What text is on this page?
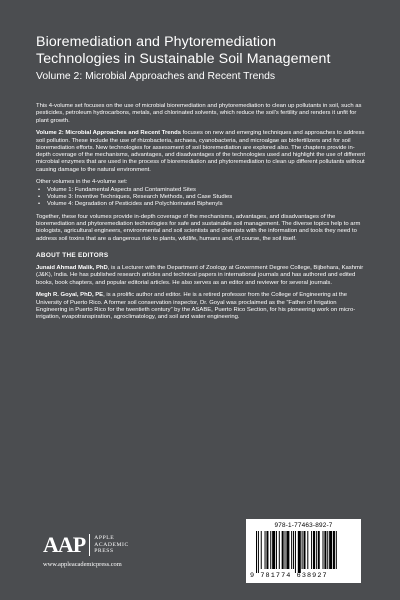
Bioremediation and Phytoremediation
Technologies in Sustainable Soil Management
Volume 2: Microbial Approaches and Recent Trends

This 4-volume set focuses on the use of microbial bioremediation and phytoremediation to clean up pollutants in soil, such as pesticides, petroleum hydrocarbons, metals, and chlorinated solvents, which reduce the soil's fertility and renders it unfit for plant growth.

Volume 2: Microbial Approaches and Recent Trends focuses on new and emerging techniques and approaches to address soil pollution. These include the use of rhizobacteria, archaea, cyanobacteria, and microalgae as biofertilizers and for soil bioremediation efforts. New technologies for assessment of soil bioremediation are explored also. The chapters provide in-depth coverage of the mechanisms, advantages, and disadvantages of the technologies used and highlight the use of different microbial enzymes that are used in the process of bioremediation and phytoremediation to clean up different pollutants without causing damage to the natural environment.

Other volumes in the 4-volume set:
•	Volume 1: Fundamental Aspects and Contaminated Sites
•	Volume 3: Inventive Techniques, Research Methods, and Case Studies
•	Volume 4: Degradation of Pesticides and Polychlorinated Biphenyls

Together, these four volumes provide in-depth coverage of the mechanisms, advantages, and disadvantages of the bioremediation and phytoremediation technologies for safe and sustainable soil management. The diverse topics help to arm biologists, agricultural engineers, environmental and soil scientists and chemists with the information and tools they need to address soil toxins that are a dangerous risk to plants, wildlife, humans and, of course, the soil itself.

ABOUT THE EDITORS

Junaid Ahmad Malik, PhD, is a Lecturer with the Department of Zoology at Government Degree College, Bijbehara, Kashmir (J&K), India. He has published research articles and technical papers in international journals and has authored and edited books, book chapters, and popular editorial articles. He also serves as an editor and reviewer for several journals.

Megh R. Goyal, PhD, PE, is a prolific author and editor. He is a retired professor from the College of Engineering at the University of Puerto Rico. A former soil conservation inspector, Dr. Goyal was proclaimed as the “Father of Irrigation Engineering in Puerto Rico for the twentieth century” by the ASABE, Puerto Rico Section, for his pioneering work on micro-irrigation, evapotranspiration, agroclimatology, and soil and water engineering.

AAP APPLE
ACADEMIC
PRESS
www.appleacademicpress.com
978-1-77463-892-7
9 781774 638927
